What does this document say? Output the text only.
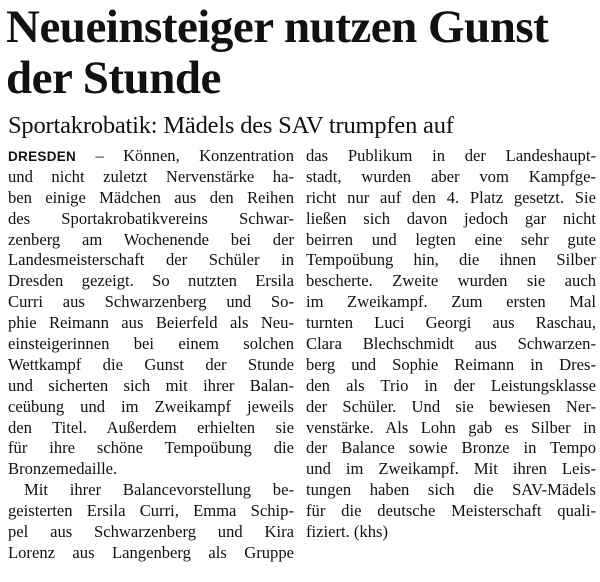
Neueinsteiger nutzen Gunst
der Stunde
Sportakrobatik: Mädels des SAV trumpfen auf
DRESDEN – Können, Konzentration
und nicht zuletzt Nervenstärke ha-
ben einige Mädchen aus den Reihen
des Sportakrobatikvereins Schwar-
zenberg am Wochenende bei der
Landesmeisterschaft der Schüler in
Dresden gezeigt. So nutzten Ersila
Curri aus Schwarzenberg und So-
phie Reimann aus Beierfeld als Neu-
einsteigerinnen bei einem solchen
Wettkampf die Gunst der Stunde
und sicherten sich mit ihrer Balan-
ceübung und im Zweikampf jeweils
den Titel. Außerdem erhielten sie
für ihre schöne Tempoübung die
Bronzemedaille.
Mit ihrer Balancevorstellung be-
geisterten Ersila Curri, Emma Schip-
pel aus Schwarzenberg und Kira
Lorenz aus Langenberg als Gruppe
das Publikum in der Landeshaupt-
stadt, wurden aber vom Kampfge-
richt nur auf den 4. Platz gesetzt. Sie
ließen sich davon jedoch gar nicht
beirren und legten eine sehr gute
Tempoübung hin, die ihnen Silber
bescherte. Zweite wurden sie auch
im Zweikampf. Zum ersten Mal
turnten Luci Georgi aus Raschau,
Clara Blechschmidt aus Schwarzen-
berg und Sophie Reimann in Dres-
den als Trio in der Leistungsklasse
der Schüler. Und sie bewiesen Ner-
venstärke. Als Lohn gab es Silber in
der Balance sowie Bronze in Tempo
und im Zweikampf. Mit ihren Leis-
tungen haben sich die SAV-Mädels
für die deutsche Meisterschaft quali-
fiziert. (khs)
